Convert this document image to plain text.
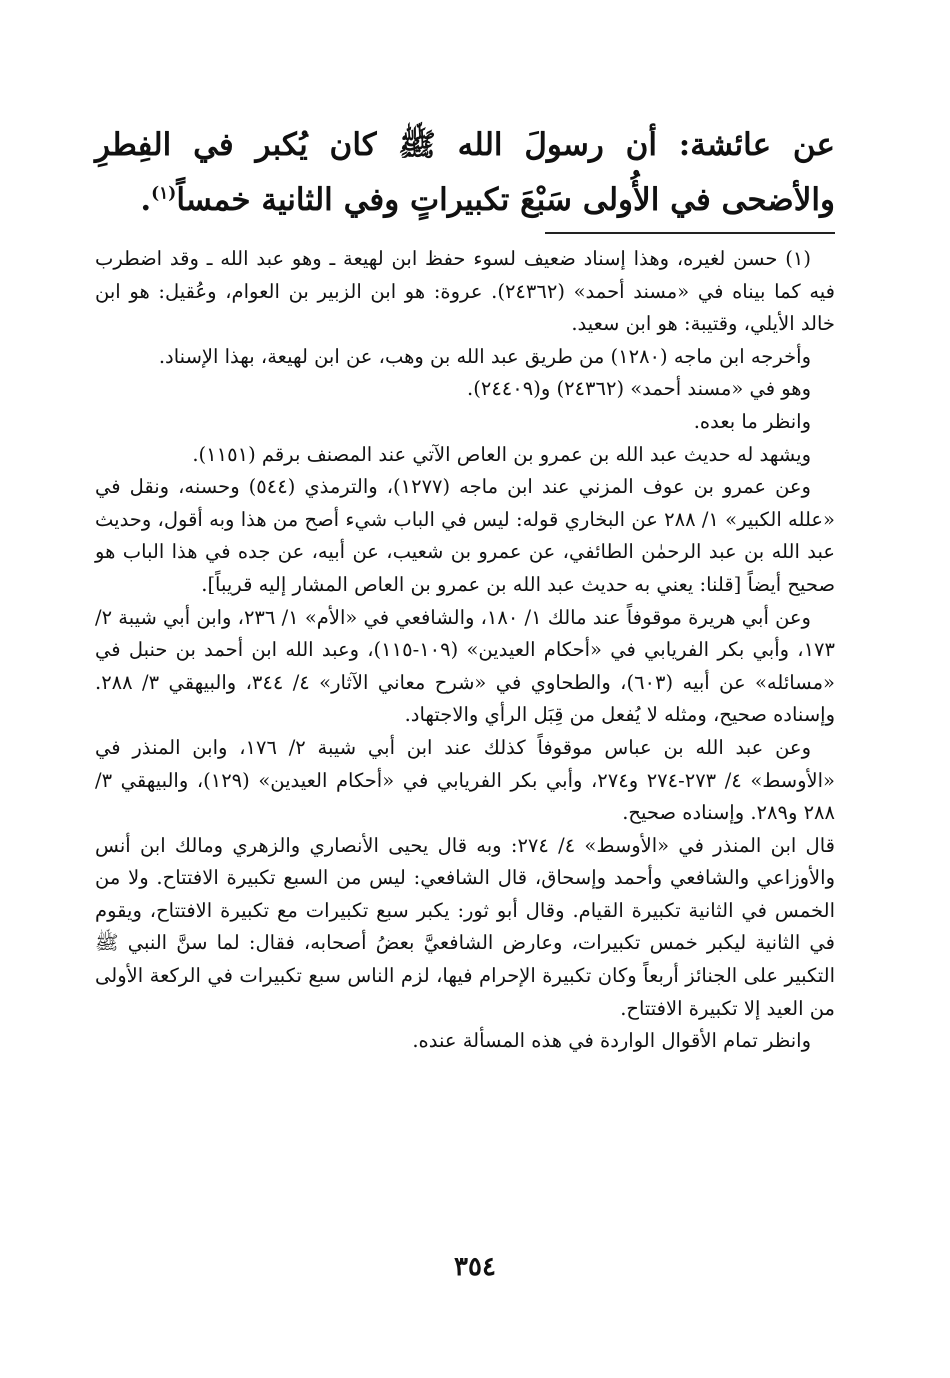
عن عائشة: أن رسولَ الله ﷺ كان يُكبر في الفِطرِ والأضحى في الأُولى سَبْعَ تكبيراتٍ وفي الثانية خمساً$^{(١)}$.

(١) حسن لغيره، وهذا إسناد ضعيف لسوء حفظ ابن لهيعة ـ وهو عبد الله ـ وقد اضطرب فيه كما بيناه في «مسند أحمد» (٢٤٣٦٢). عروة: هو ابن الزبير بن العوام، وعُقيل: هو ابن خالد الأيلي، وقتيبة: هو ابن سعيد.

وأخرجه ابن ماجه (١٢٨٠) من طريق عبد الله بن وهب، عن ابن لهيعة، بهذا الإسناد.

وهو في «مسند أحمد» (٢٤٣٦٢) و(٢٤٤٠٩).

وانظر ما بعده.

ويشهد له حديث عبد الله بن عمرو بن العاص الآتي عند المصنف برقم (١١٥١).

وعن عمرو بن عوف المزني عند ابن ماجه (١٢٧٧)، والترمذي (٥٤٤) وحسنه، ونقل في «علله الكبير» ١/ ٢٨٨ عن البخاري قوله: ليس في الباب شيء أصح من هذا وبه أقول، وحديث عبد الله بن عبد الرحمٰن الطائفي، عن عمرو بن شعيب، عن أبيه، عن جده في هذا الباب هو صحيح أيضاً [قلنا: يعني به حديث عبد الله بن عمرو بن العاص المشار إليه قريباً].

وعن أبي هريرة موقوفاً عند مالك ١/ ١٨٠، والشافعي في «الأم» ١/ ٢٣٦، وابن أبي شيبة ٢/ ١٧٣، وأبي بكر الفريابي في «أحكام العيدين» (١٠٩-١١٥)، وعبد الله ابن أحمد بن حنبل في «مسائله» عن أبيه (٦٠٣)، والطحاوي في «شرح معاني الآثار» ٤/ ٣٤٤، والبيهقي ٣/ ٢٨٨. وإسناده صحيح، ومثله لا يُفعل من قِبَل الرأي والاجتهاد.

وعن عبد الله بن عباس موقوفاً كذلك عند ابن أبي شيبة ٢/ ١٧٦، وابن المنذر في «الأوسط» ٤/ ٢٧٣-٢٧٤ و٢٧٤، وأبي بكر الفريابي في «أحكام العيدين» (١٢٩)، والبيهقي ٣/ ٢٨٨ و٢٨٩. وإسناده صحيح.

قال ابن المنذر في «الأوسط» ٤/ ٢٧٤: وبه قال يحيى الأنصاري والزهري ومالك ابن أنس والأوزاعي والشافعي وأحمد وإسحاق، قال الشافعي: ليس من السبع تكبيرة الافتتاح. ولا من الخمس في الثانية تكبيرة القيام. وقال أبو ثور: يكبر سبع تكبيرات مع تكبيرة الافتتاح، ويقوم في الثانية ليكبر خمس تكبيرات، وعارض الشافعيَّ بعضُ أصحابه، فقال: لما سنَّ النبي ﷺ التكبير على الجنائز أربعاً وكان تكبيرة الإحرام فيها، لزم الناس سبع تكبيرات في الركعة الأولى من العيد إلا تكبيرة الافتتاح.

وانظر تمام الأقوال الواردة في هذه المسألة عنده.

٣٥٤
